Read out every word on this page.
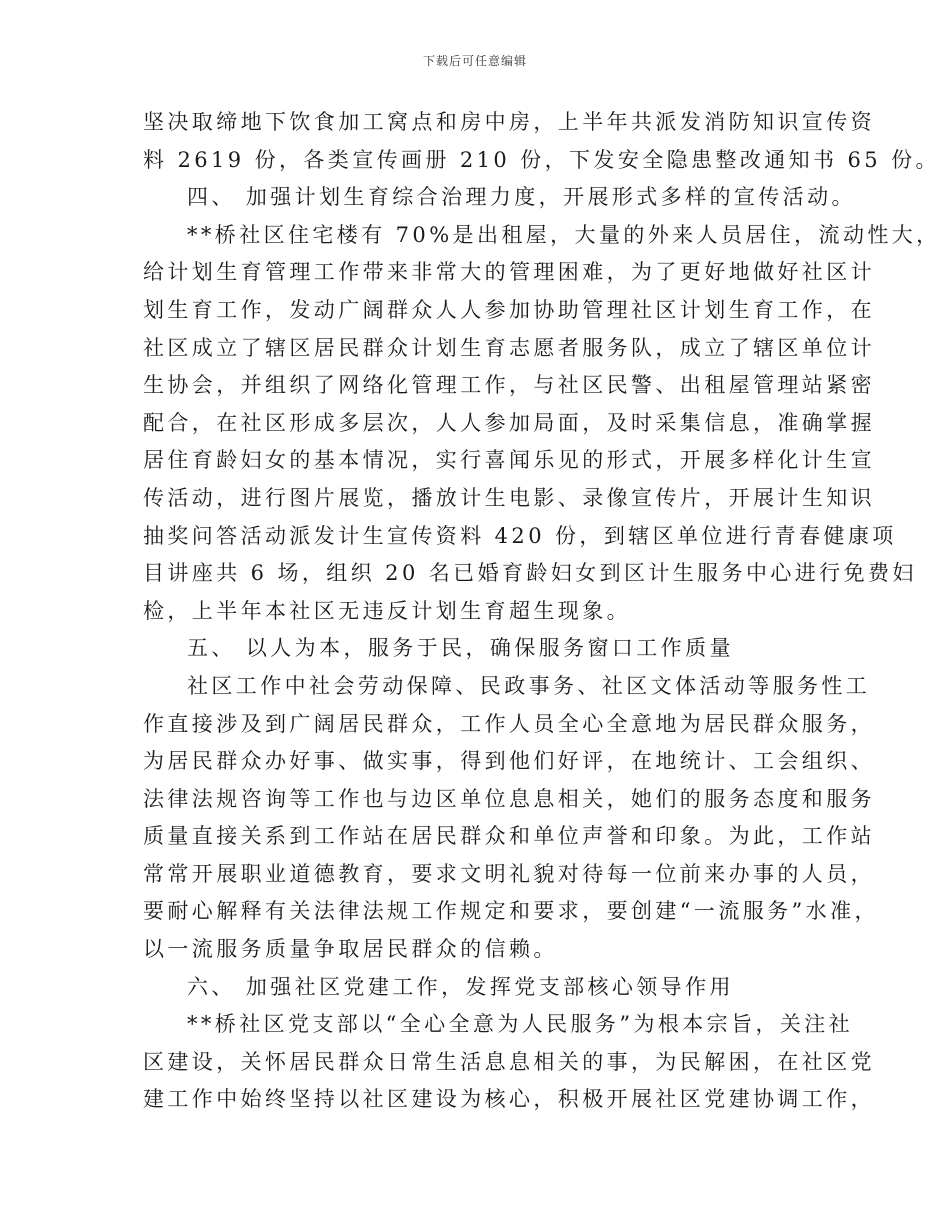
下载后可任意编辑
坚决取缔地下饮食加工窝点和房中房，上半年共派发消防知识宣传资
料 2619 份，各类宣传画册 210 份，下发安全隐患整改通知书 65 份。
四、 加强计划生育综合治理力度，开展形式多样的宣传活动。
**桥社区住宅楼有 70%是出租屋，大量的外来人员居住，流动性大，
给计划生育管理工作带来非常大的管理困难，为了更好地做好社区计
划生育工作，发动广阔群众人人参加协助管理社区计划生育工作，在
社区成立了辖区居民群众计划生育志愿者服务队，成立了辖区单位计
生协会，并组织了网络化管理工作，与社区民警、出租屋管理站紧密
配合，在社区形成多层次，人人参加局面，及时采集信息，准确掌握
居住育龄妇女的基本情况，实行喜闻乐见的形式，开展多样化计生宣
传活动，进行图片展览，播放计生电影、录像宣传片，开展计生知识
抽奖问答活动派发计生宣传资料 420 份，到辖区单位进行青春健康项
目讲座共 6 场，组织 20 名已婚育龄妇女到区计生服务中心进行免费妇
检，上半年本社区无违反计划生育超生现象。
五、 以人为本，服务于民，确保服务窗口工作质量
社区工作中社会劳动保障、民政事务、社区文体活动等服务性工
作直接涉及到广阔居民群众，工作人员全心全意地为居民群众服务，
为居民群众办好事、做实事，得到他们好评，在地统计、工会组织、
法律法规咨询等工作也与边区单位息息相关，她们的服务态度和服务
质量直接关系到工作站在居民群众和单位声誉和印象。为此，工作站
常常开展职业道德教育，要求文明礼貌对待每一位前来办事的人员，
要耐心解释有关法律法规工作规定和要求，要创建“一流服务”水准，
以一流服务质量争取居民群众的信赖。
六、 加强社区党建工作，发挥党支部核心领导作用
**桥社区党支部以“全心全意为人民服务”为根本宗旨，关注社
区建设，关怀居民群众日常生活息息相关的事，为民解困，在社区党
建工作中始终坚持以社区建设为核心，积极开展社区党建协调工作，
